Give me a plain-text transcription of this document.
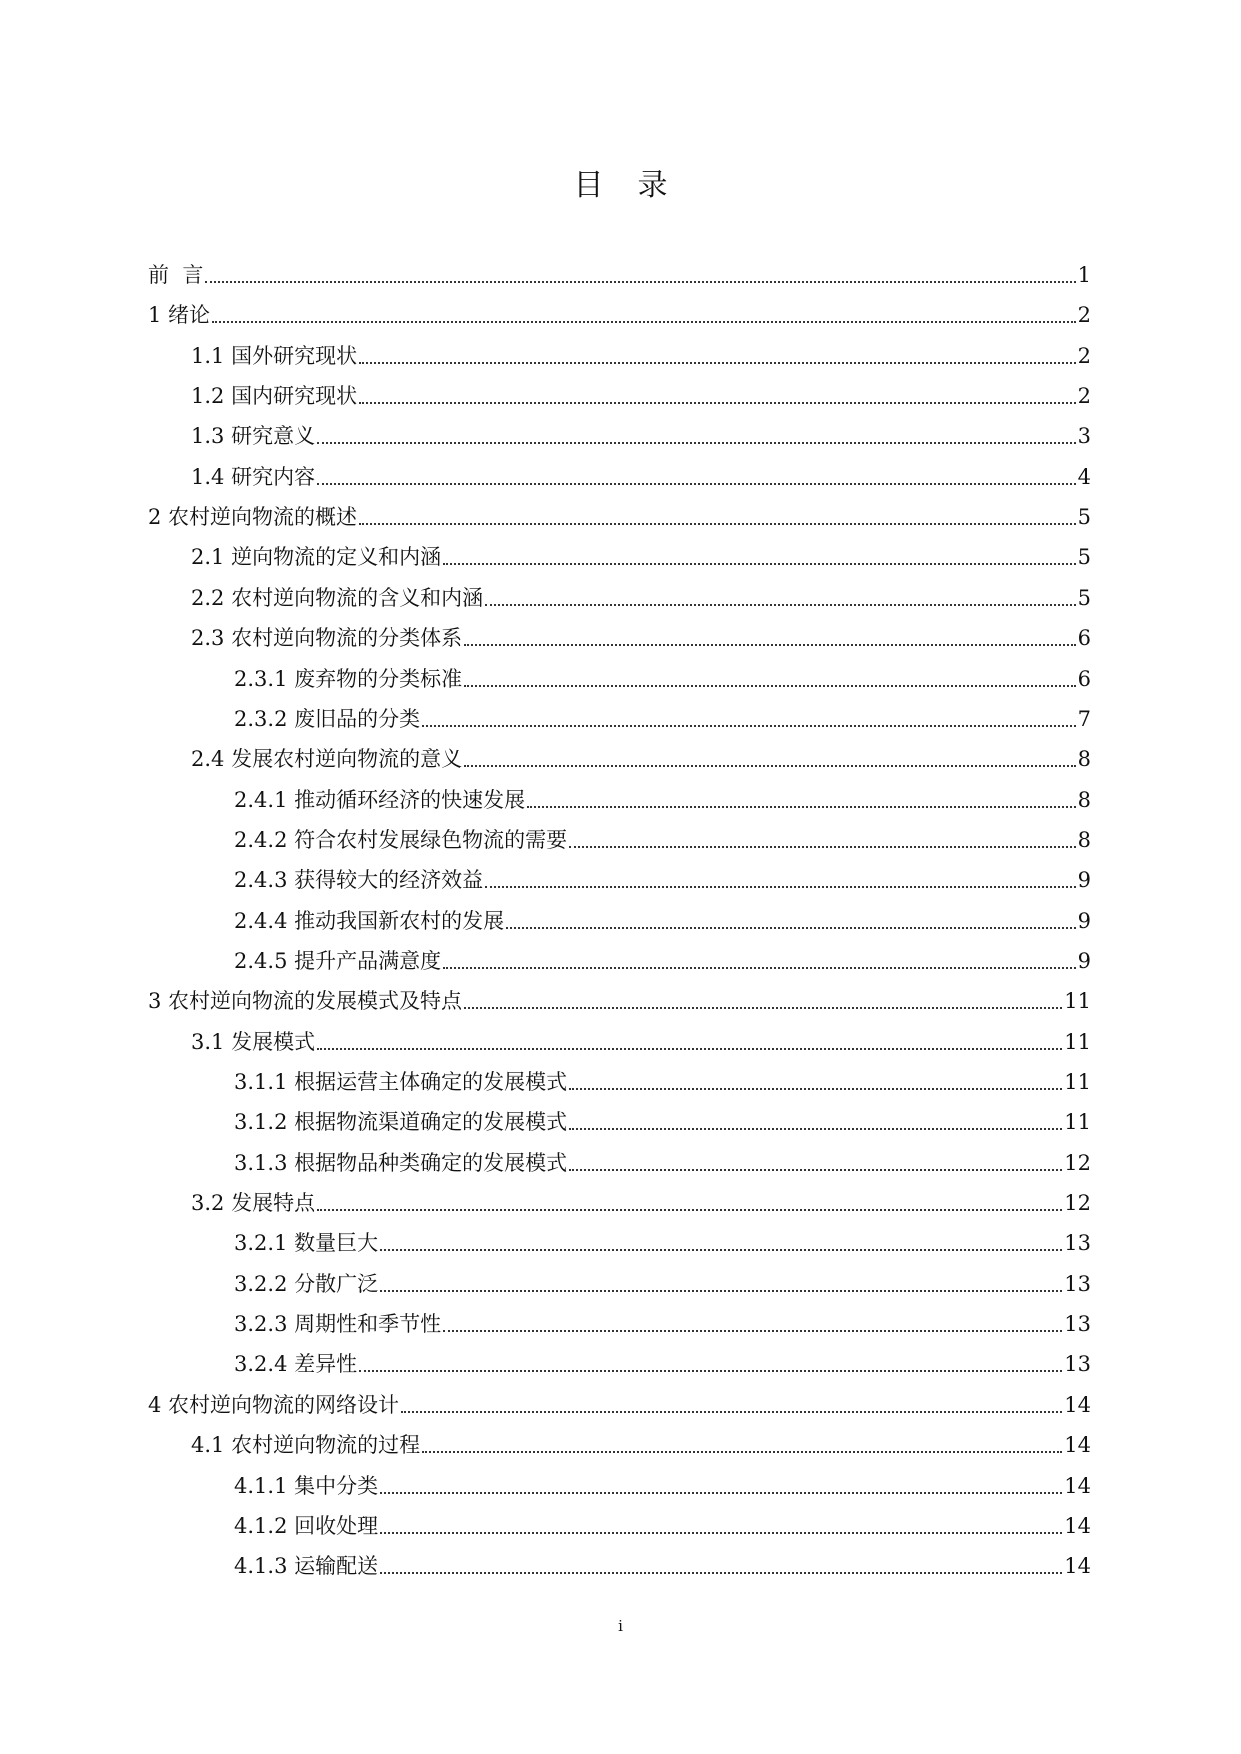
目 录
前  言	1
1 绪论	2
1.1 国外研究现状	2
1.2 国内研究现状	2
1.3 研究意义	3
1.4 研究内容	4
2 农村逆向物流的概述	5
2.1 逆向物流的定义和内涵	5
2.2 农村逆向物流的含义和内涵	5
2.3 农村逆向物流的分类体系	6
2.3.1 废弃物的分类标准	6
2.3.2 废旧品的分类	7
2.4 发展农村逆向物流的意义	8
2.4.1 推动循环经济的快速发展	8
2.4.2 符合农村发展绿色物流的需要	8
2.4.3 获得较大的经济效益	9
2.4.4 推动我国新农村的发展	9
2.4.5 提升产品满意度	9
3 农村逆向物流的发展模式及特点	11
3.1 发展模式	11
3.1.1 根据运营主体确定的发展模式	11
3.1.2 根据物流渠道确定的发展模式	11
3.1.3 根据物品种类确定的发展模式	12
3.2 发展特点	12
3.2.1 数量巨大	13
3.2.2 分散广泛	13
3.2.3 周期性和季节性	13
3.2.4 差异性	13
4 农村逆向物流的网络设计	14
4.1 农村逆向物流的过程	14
4.1.1 集中分类	14
4.1.2 回收处理	14
4.1.3 运输配送	14
i
